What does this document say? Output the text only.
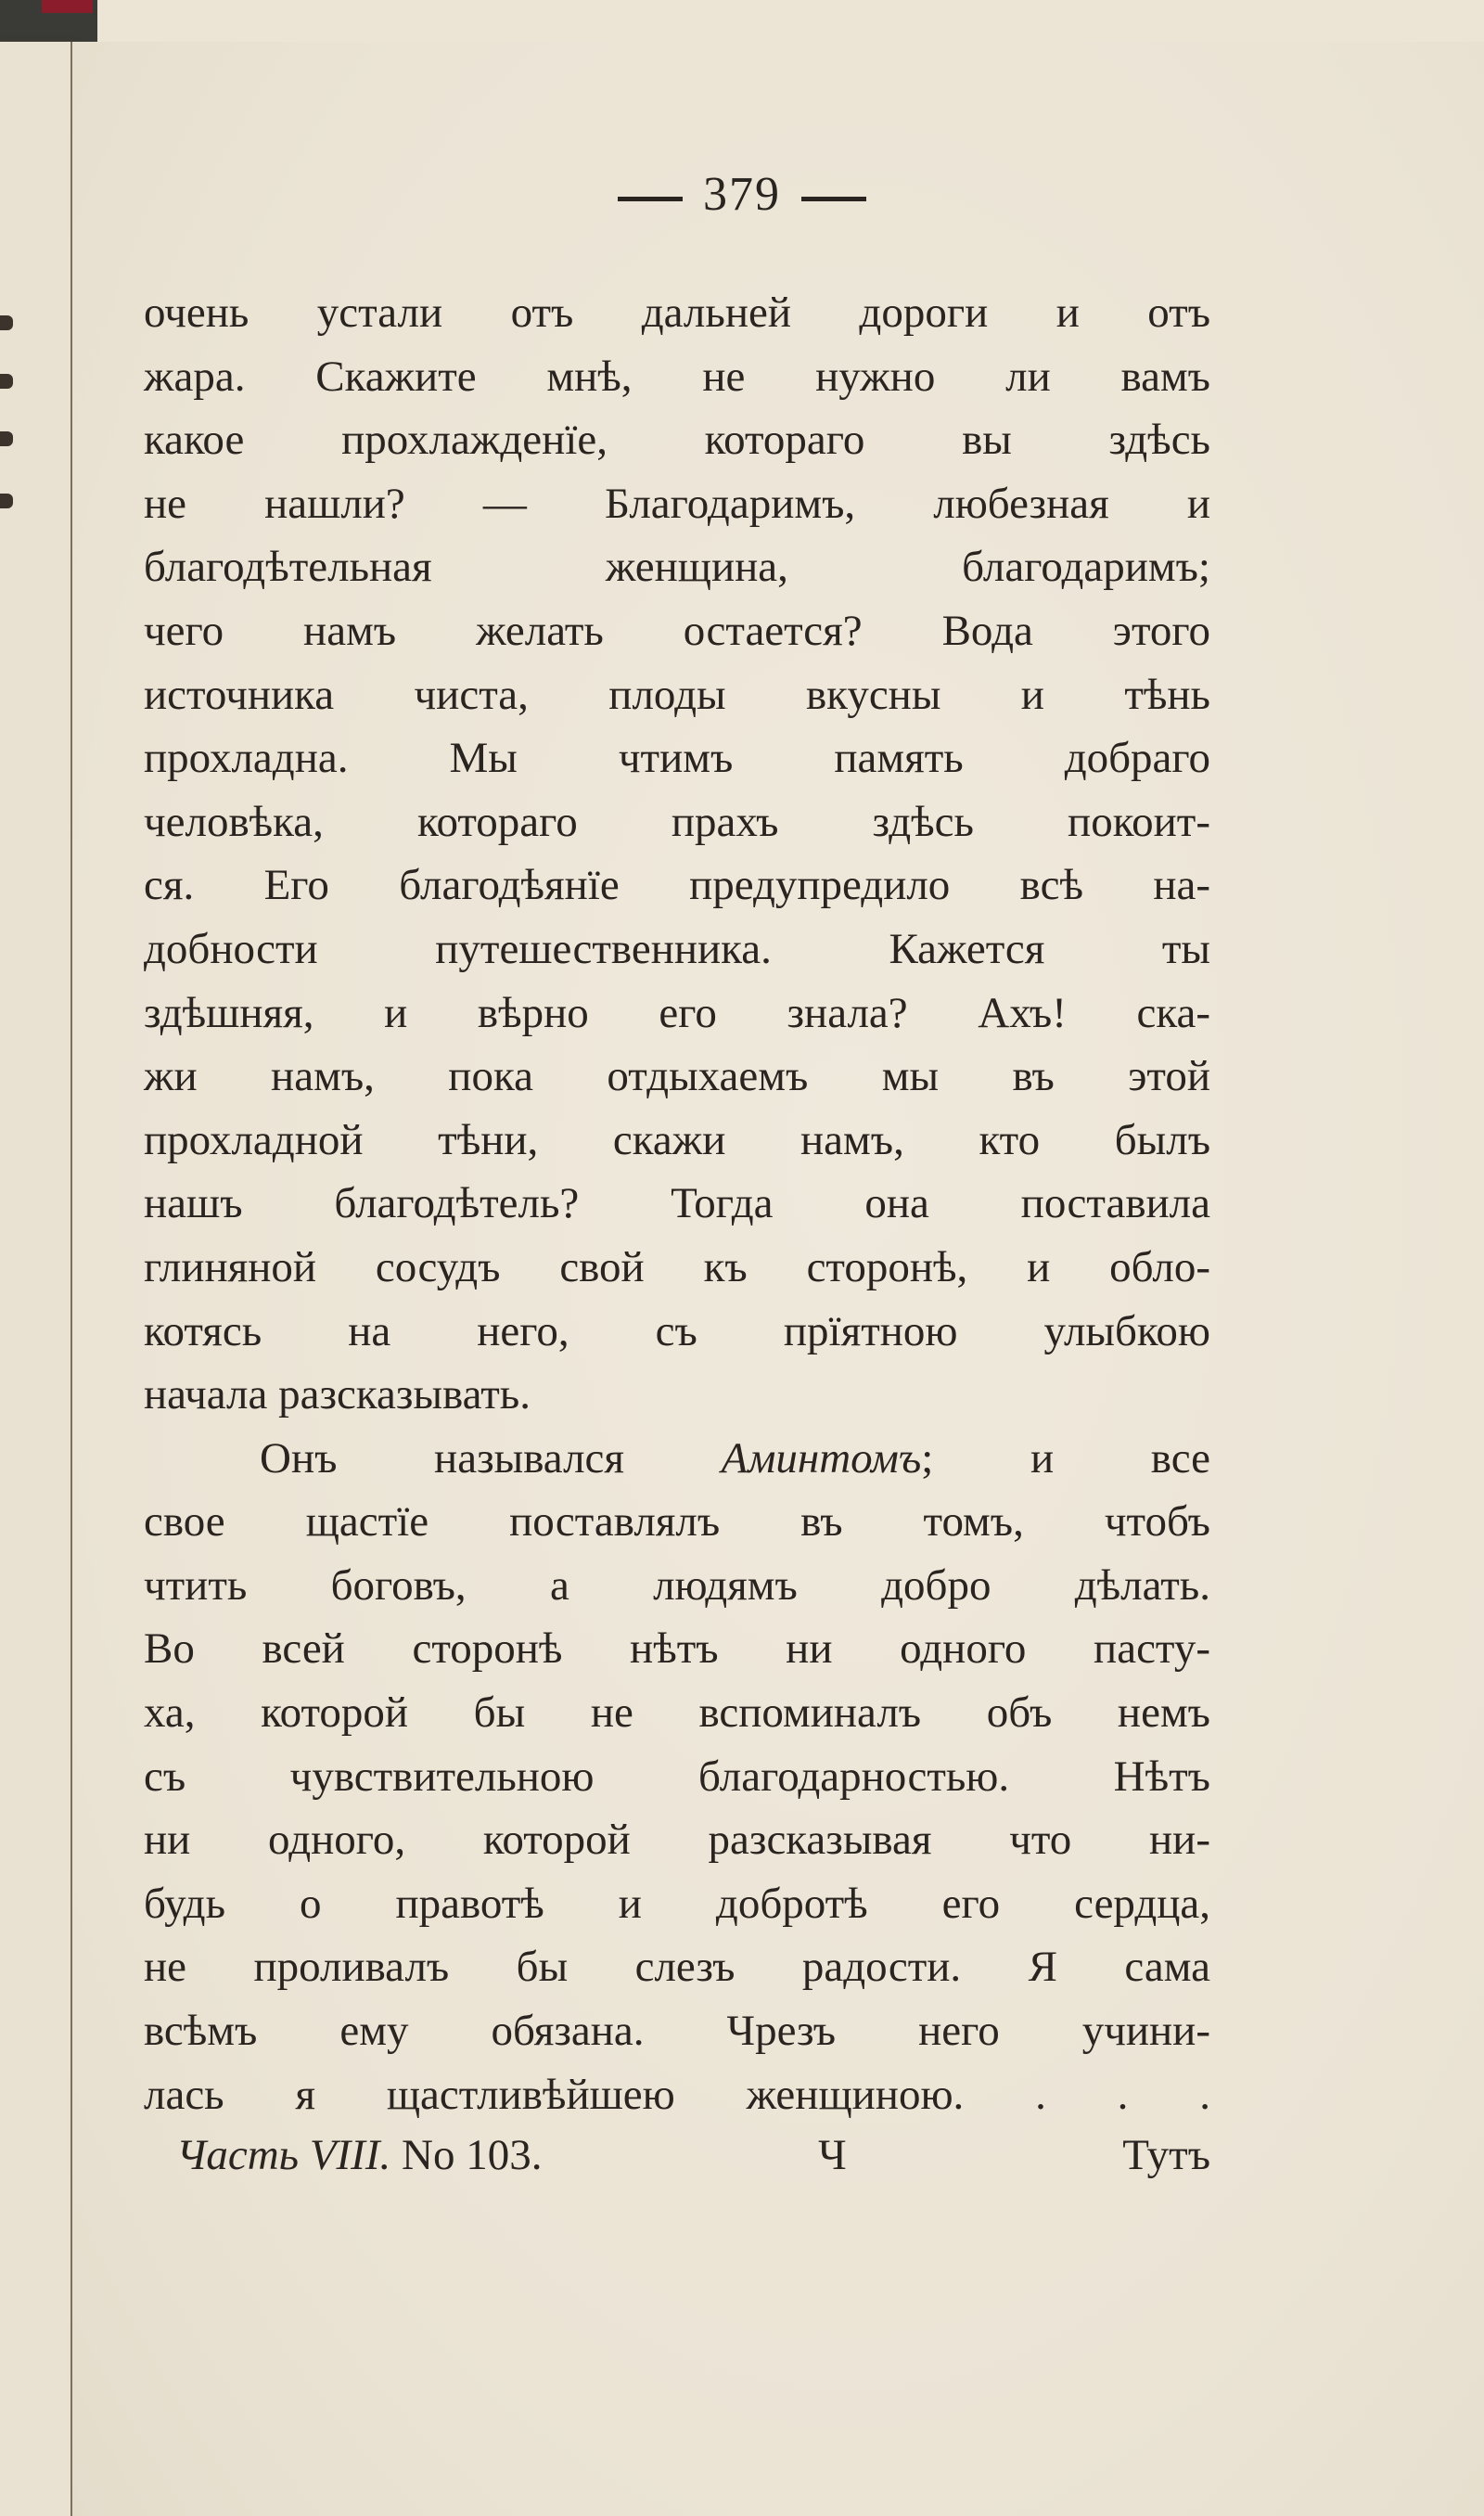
379
очень устали отъ дальней дороги и отъ
жара. Скажите мнѣ, не нужно ли вамъ
какое прохлажденїе, котораго вы здѣсь
не нашли? — Благодаримъ, любезная и
благодѣтельная женщина, благодаримъ;
чего намъ желать остается? Вода этого
источника чиста, плоды вкусны и тѣнь
прохладна. Мы чтимъ память добраго
человѣка, котораго прахъ здѣсь покоит-
ся. Его благодѣянїе предупредило всѣ на-
добности путешественника. Кажется ты
здѣшняя, и вѣрно его знала? Ахъ! ска-
жи намъ, пока отдыхаемъ мы въ этой
прохладной тѣни, скажи намъ, кто былъ
нашъ благодѣтель? Тогда она поставила
глиняной сосудъ свой къ сторонѣ, и обло-
котясь на него, съ прїятною улыбкою
начала разсказывать.
Онъ назывался Аминтомъ; и все
свое щастїе поставлялъ въ томъ, чтобъ
чтить боговъ, а людямъ добро дѣлать.
Во всей сторонѣ нѣтъ ни одного пасту-
ха, которой бы не вспоминалъ объ немъ
съ чувствительною благодарностью. Нѣтъ
ни одного, которой разсказывая что ни-
будь о правотѣ и добротѣ его сердца,
не проливалъ бы слезъ радости. Я сама
всѣмъ ему обязана. Чрезъ него учини-
лась я щастливѣйшею женщиною. . . .
Часть VIII. No 103.	Ч	Тутъ
